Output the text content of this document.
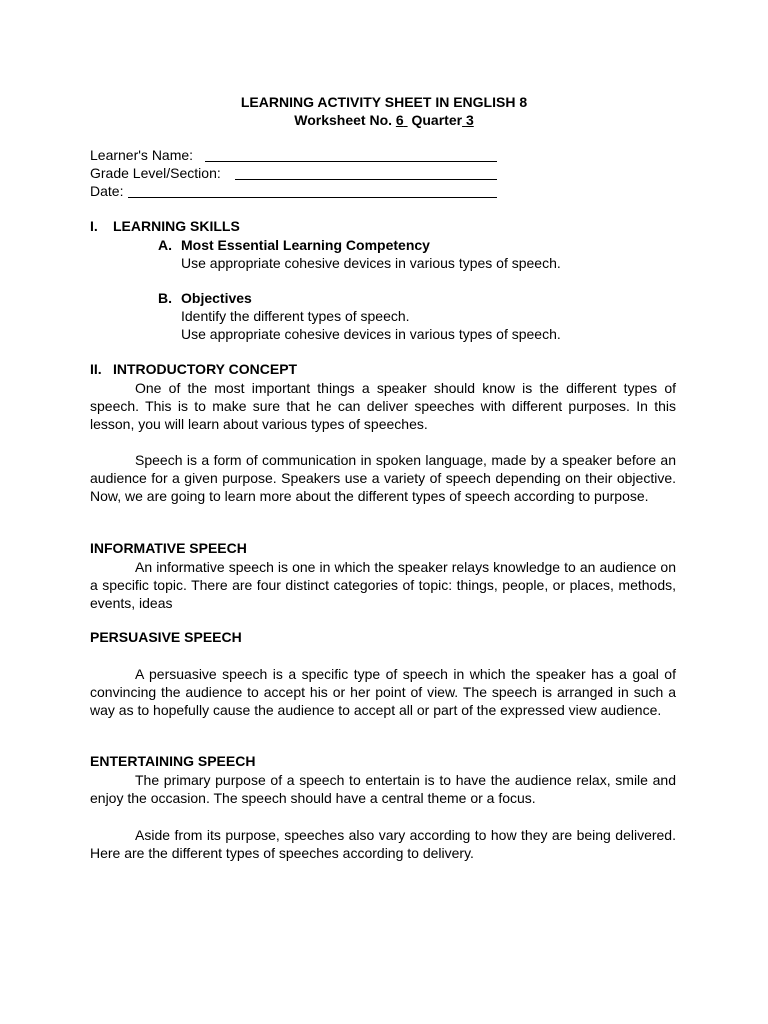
LEARNING ACTIVITY SHEET IN ENGLISH 8
Worksheet No. 6 Quarter 3
Learner's Name:
Grade Level/Section:
Date:
I. LEARNING SKILLS
A. Most Essential Learning Competency
Use appropriate cohesive devices in various types of speech.
B. Objectives
Identify the different types of speech.
Use appropriate cohesive devices in various types of speech.
II. INTRODUCTORY CONCEPT
One of the most important things a speaker should know is the different types of speech. This is to make sure that he can deliver speeches with different purposes. In this lesson, you will learn about various types of speeches.
Speech is a form of communication in spoken language, made by a speaker before an audience for a given purpose. Speakers use a variety of speech depending on their objective. Now, we are going to learn more about the different types of speech according to purpose.
INFORMATIVE SPEECH
An informative speech is one in which the speaker relays knowledge to an audience on a specific topic. There are four distinct categories of topic: things, people, or places, methods, events, ideas
PERSUASIVE SPEECH
A persuasive speech is a specific type of speech in which the speaker has a goal of convincing the audience to accept his or her point of view. The speech is arranged in such a way as to hopefully cause the audience to accept all or part of the expressed view audience.
ENTERTAINING SPEECH
The primary purpose of a speech to entertain is to have the audience relax, smile and enjoy the occasion. The speech should have a central theme or a focus.
Aside from its purpose, speeches also vary according to how they are being delivered. Here are the different types of speeches according to delivery.
